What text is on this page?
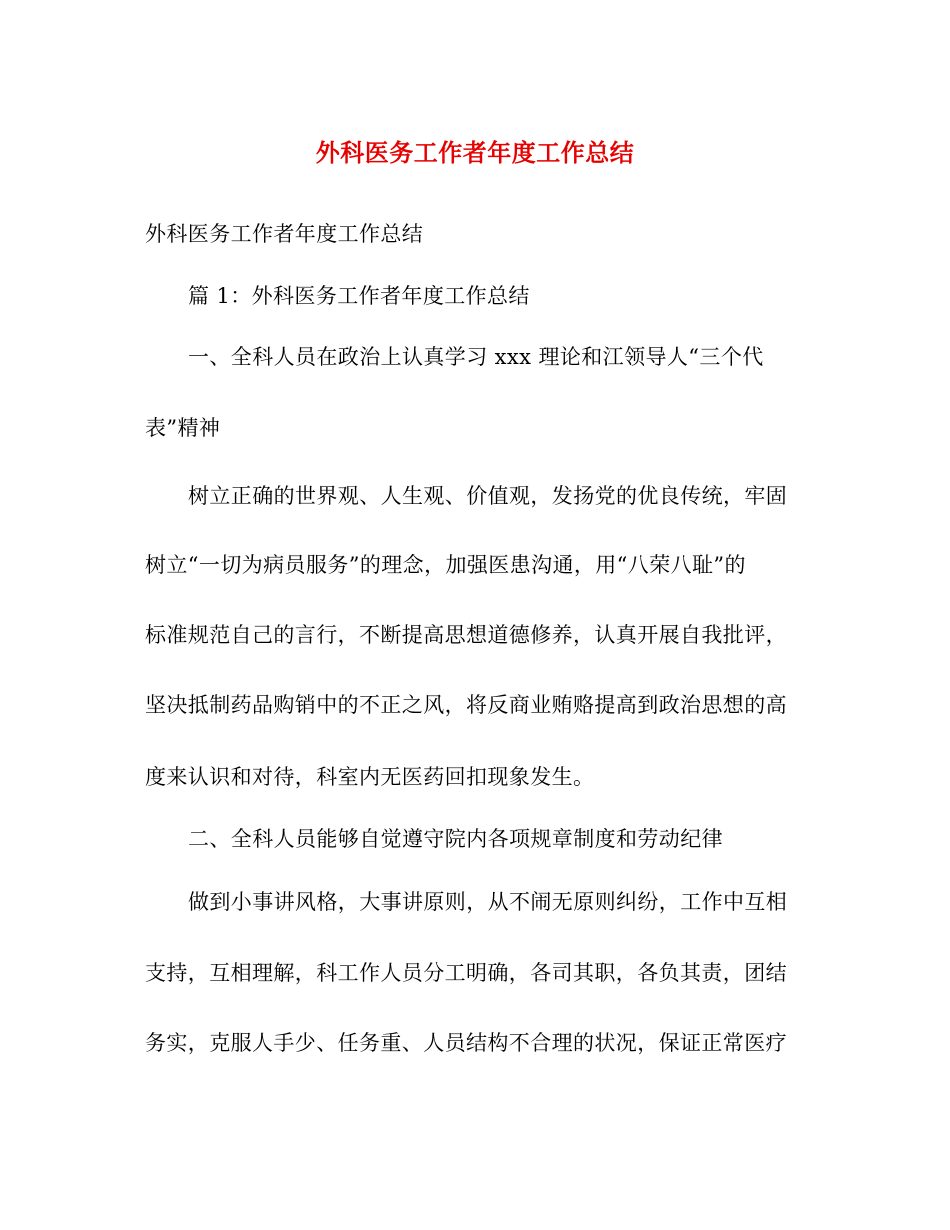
外科医务工作者年度工作总结
外科医务工作者年度工作总结
篇 1：外科医务工作者年度工作总结
一、全科人员在政治上认真学习 xxx 理论和江领导人“三个代
表”精神
树立正确的世界观、人生观、价值观，发扬党的优良传统，牢固
树立“一切为病员服务”的理念，加强医患沟通，用“八荣八耻”的
标准规范自己的言行，不断提高思想道德修养，认真开展自我批评，
坚决抵制药品购销中的不正之风，将反商业贿赂提高到政治思想的高
度来认识和对待，科室内无医药回扣现象发生。
二、全科人员能够自觉遵守院内各项规章制度和劳动纪律
做到小事讲风格，大事讲原则，从不闹无原则纠纷，工作中互相
支持，互相理解，科工作人员分工明确，各司其职，各负其责，团结
务实，克服人手少、任务重、人员结构不合理的状况，保证正常医疗
